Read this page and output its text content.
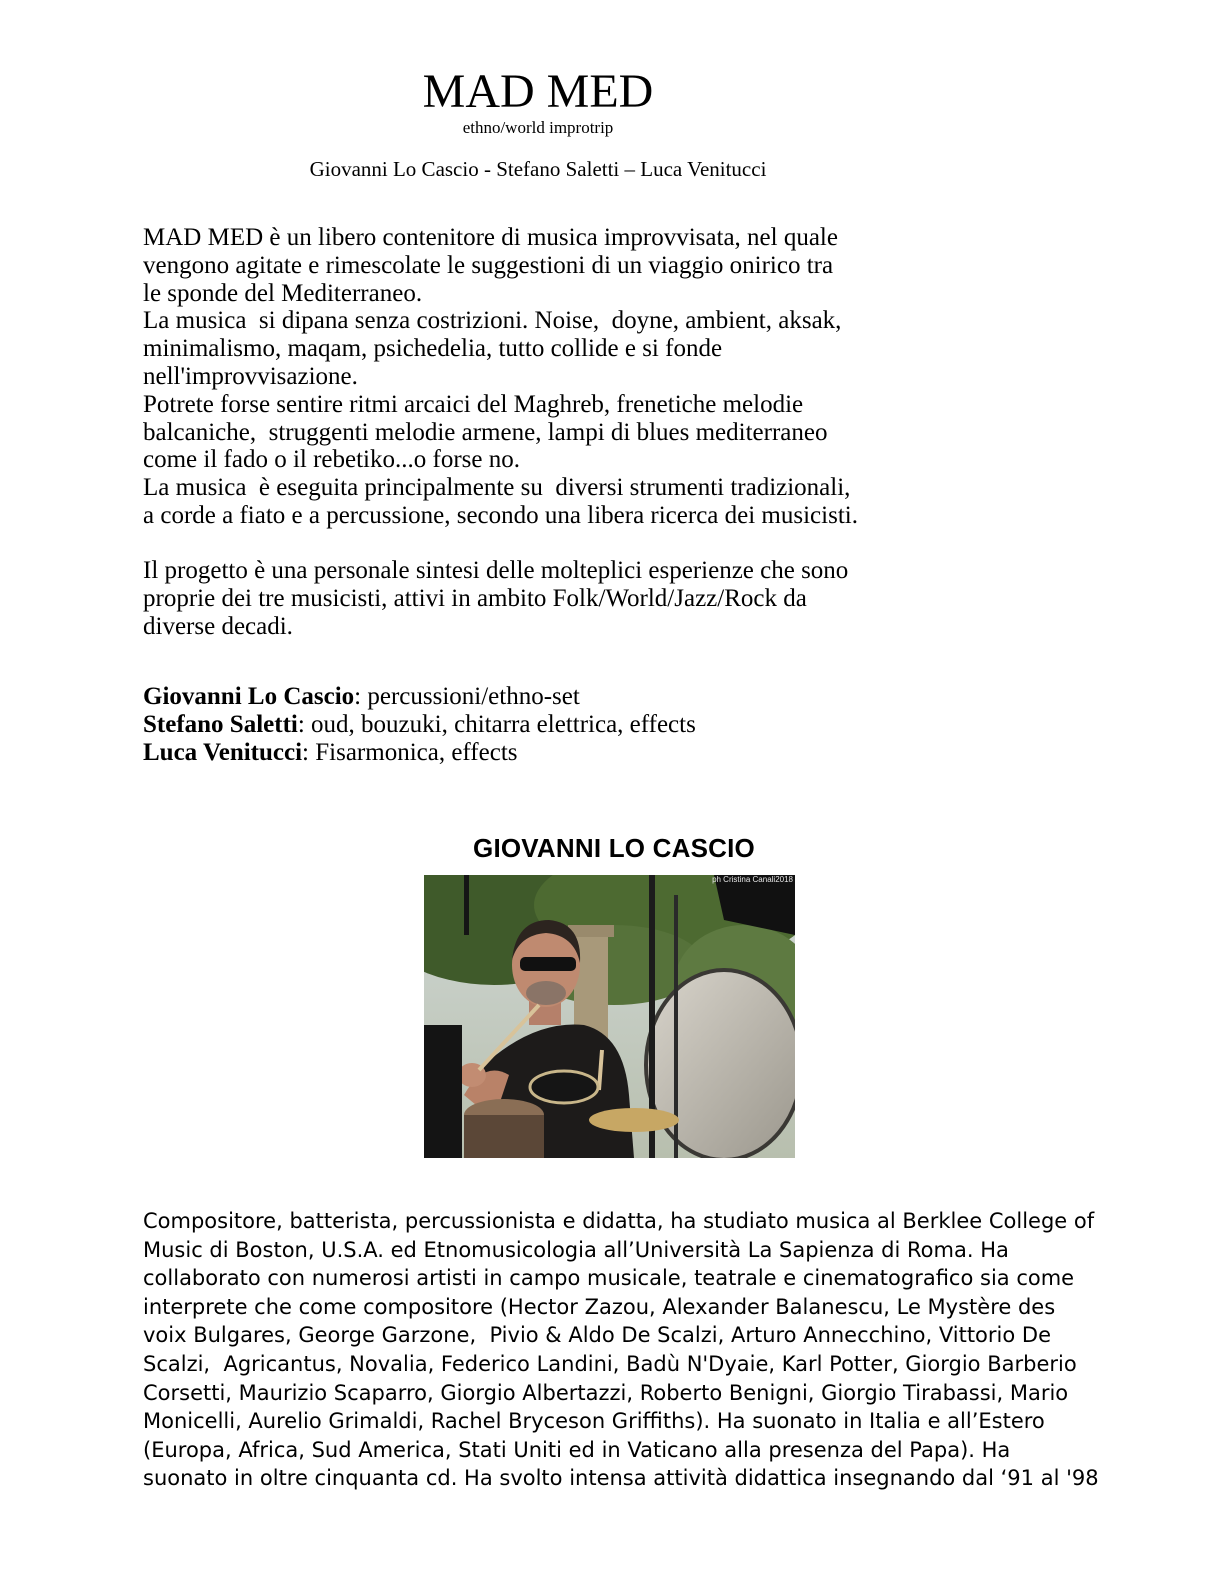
MAD MED
ethno/world improtrip
Giovanni Lo Cascio - Stefano Saletti – Luca Venitucci
MAD MED è un libero contenitore di musica improvvisata, nel quale
vengono agitate e rimescolate le suggestioni di un viaggio onirico tra
le sponde del Mediterraneo.
La musica  si dipana senza costrizioni. Noise,  doyne, ambient, aksak,
minimalismo, maqam, psichedelia, tutto collide e si fonde
nell'improvvisazione.
Potrete forse sentire ritmi arcaici del Maghreb, frenetiche melodie
balcaniche,  struggenti melodie armene, lampi di blues mediterraneo
come il fado o il rebetiko...o forse no.
La musica  è eseguita principalmente su  diversi strumenti tradizionali,
a corde a fiato e a percussione, secondo una libera ricerca dei musicisti.
Il progetto è una personale sintesi delle molteplici esperienze che sono
proprie dei tre musicisti, attivi in ambito Folk/World/Jazz/Rock da
diverse decadi.
Giovanni Lo Cascio: percussioni/ethno-set
Stefano Saletti: oud, bouzuki, chitarra elettrica, effects
Luca Venitucci: Fisarmonica, effects
GIOVANNI LO CASCIO
ph Cristina Canali2018
Compositore, batterista, percussionista e didatta, ha studiato musica al Berklee College of
Music di Boston, U.S.A. ed Etnomusicologia all’Università La Sapienza di Roma. Ha
collaborato con numerosi artisti in campo musicale, teatrale e cinematografico sia come
interprete che come compositore (Hector Zazou, Alexander Balanescu, Le Mystère des
voix Bulgares, George Garzone,  Pivio & Aldo De Scalzi, Arturo Annecchino, Vittorio De
Scalzi,  Agricantus, Novalia, Federico Landini, Badù N'Dyaie, Karl Potter, Giorgio Barberio
Corsetti, Maurizio Scaparro, Giorgio Albertazzi, Roberto Benigni, Giorgio Tirabassi, Mario
Monicelli, Aurelio Grimaldi, Rachel Bryceson Griffiths). Ha suonato in Italia e all’Estero
(Europa, Africa, Sud America, Stati Uniti ed in Vaticano alla presenza del Papa). Ha
suonato in oltre cinquanta cd. Ha svolto intensa attività didattica insegnando dal ‘91 al '98
